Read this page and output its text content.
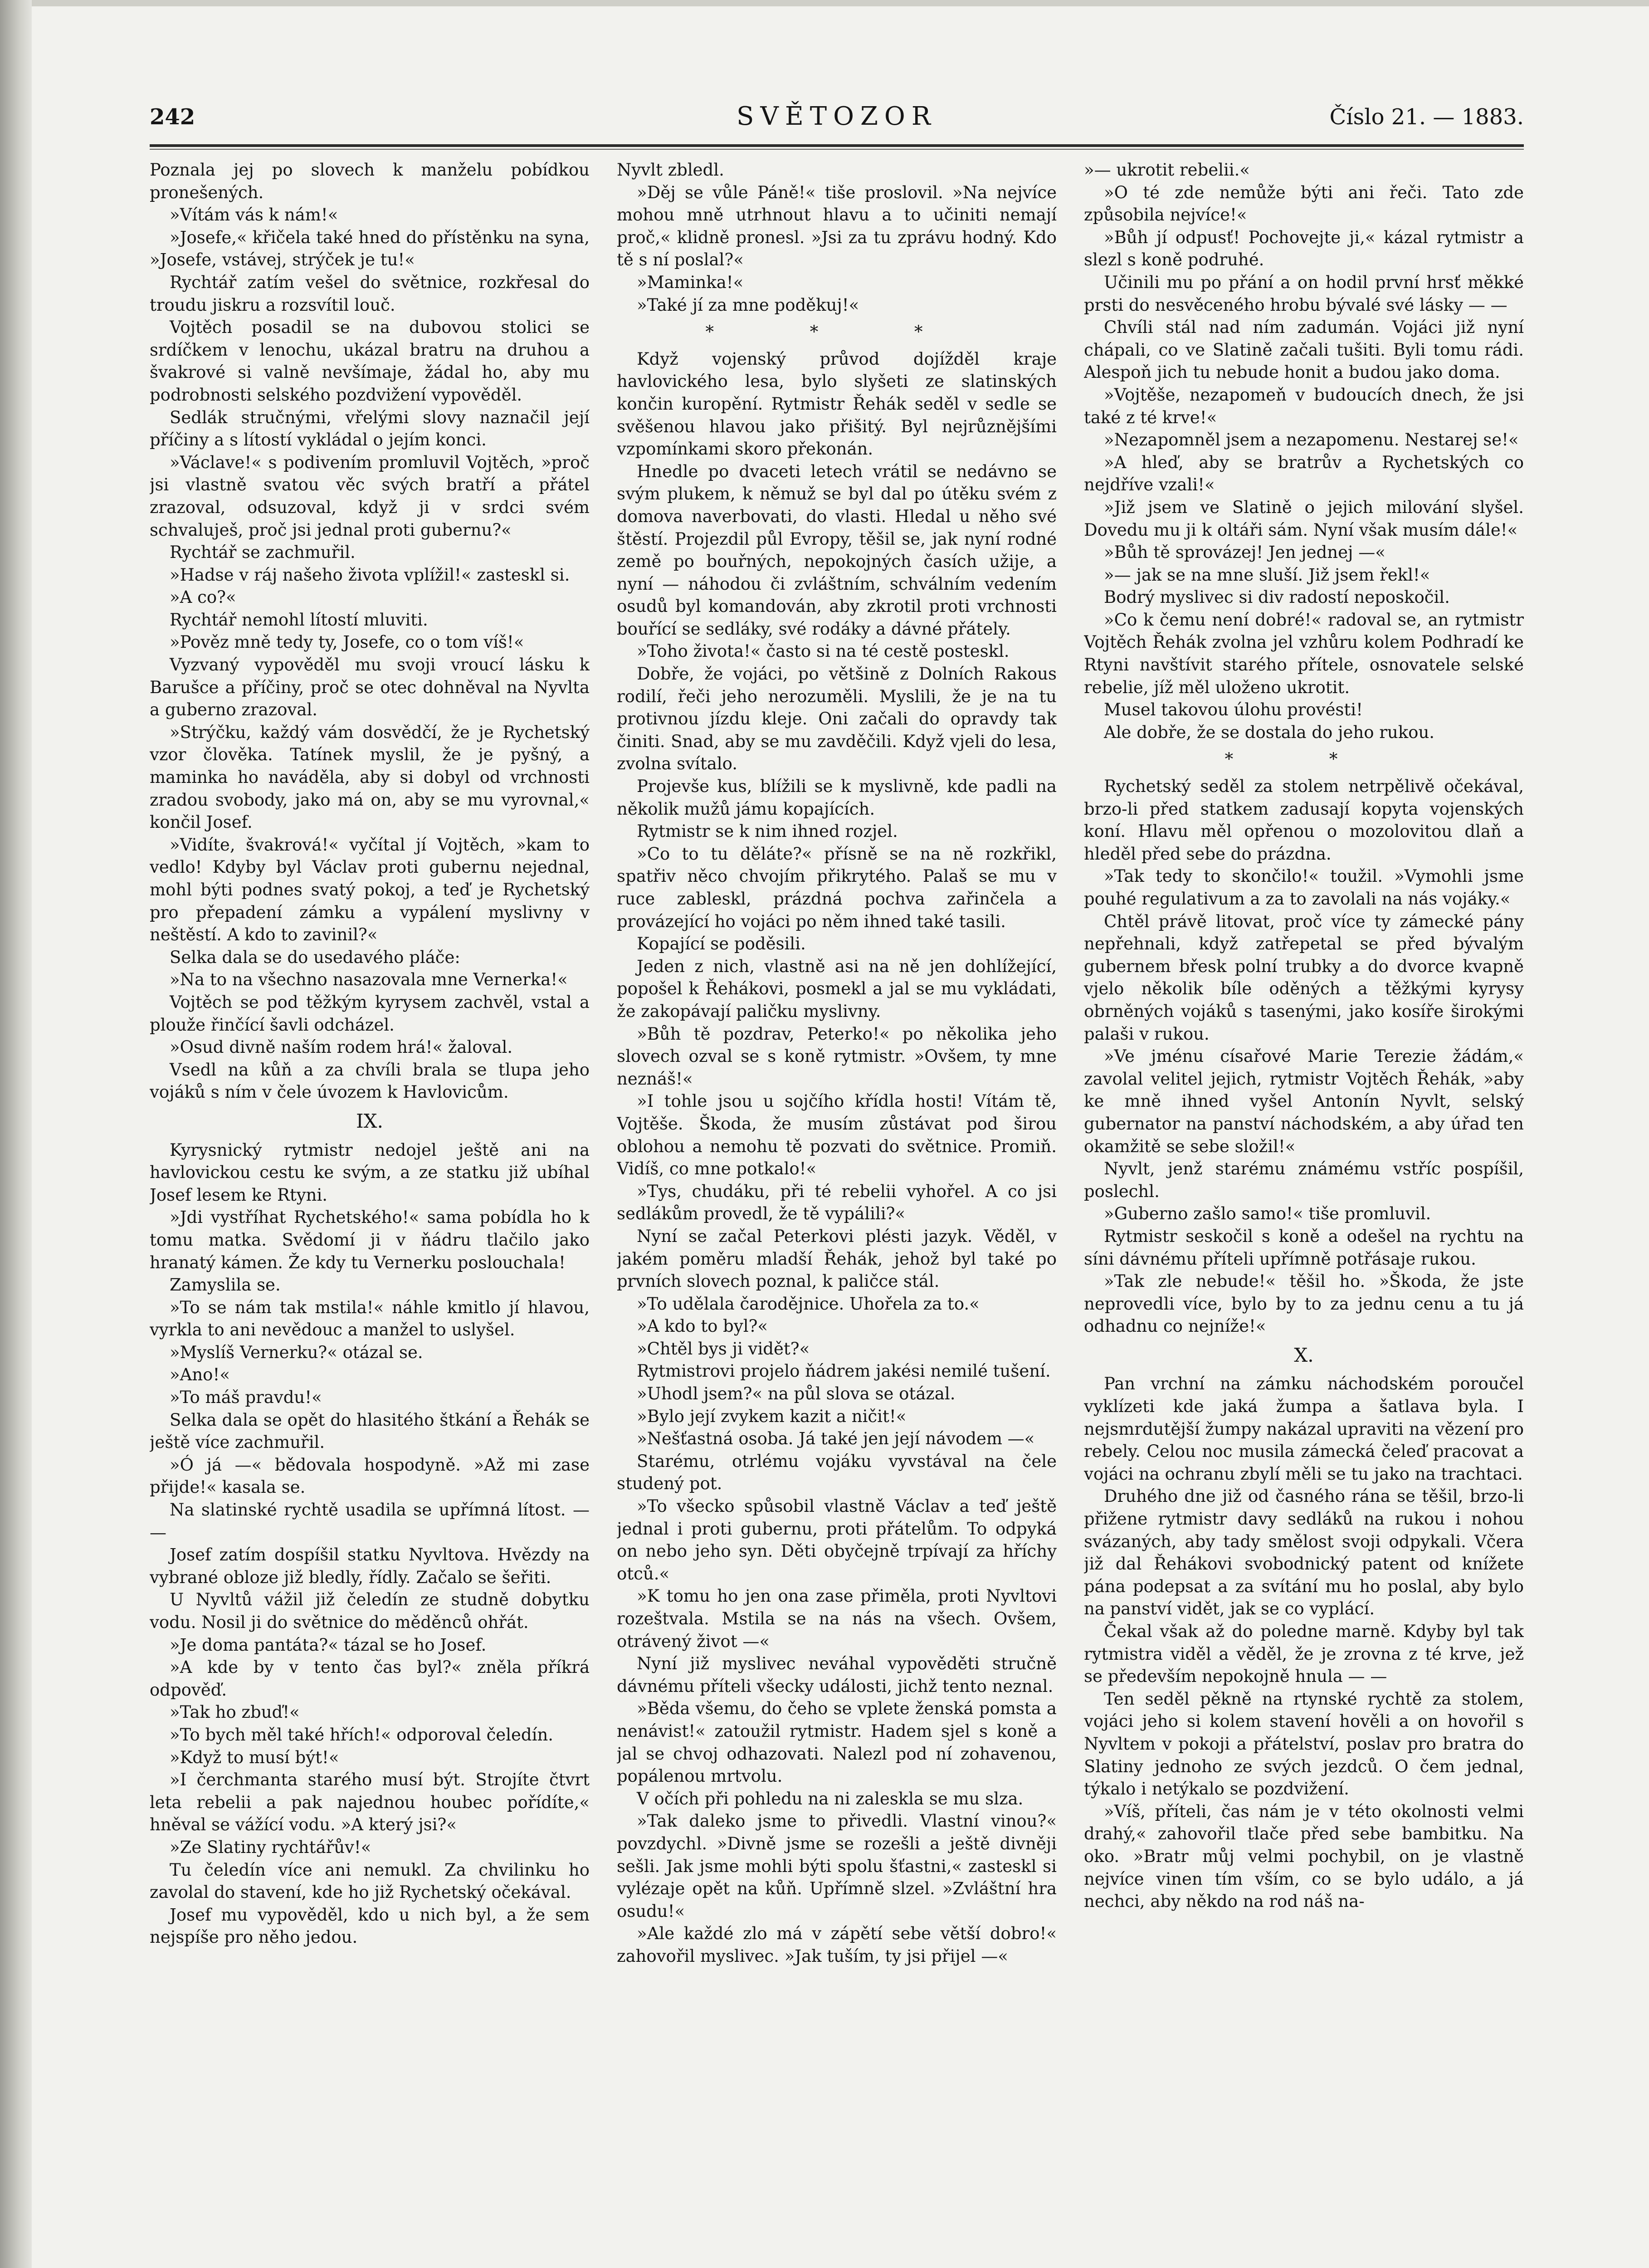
242	SVĚTOZOR	Číslo 21. — 1883.

Poznala jej po slovech k manželu pobídkou pronešených.

»Vítám vás k nám!«

»Josefe,« křičela také hned do přístěnku na syna, »Josefe, vstávej, strýček je tu!«

Rychtář zatím vešel do světnice, rozkřesal do troudu jiskru a rozsvítil louč.

Vojtěch posadil se na dubovou stolici se srdíčkem v lenochu, ukázal bratru na druhou a švakrové si valně nevšímaje, žádal ho, aby mu podrobnosti selského pozdvižení vypověděl.

Sedlák stručnými, vřelými slovy naznačil její příčiny a s lítostí vykládal o jejím konci.

»Václave!« s podivením promluvil Vojtěch, »proč jsi vlastně svatou věc svých bratří a přátel zrazoval, odsuzoval, když ji v srdci svém schvaluješ, proč jsi jednal proti gubernu?«

Rychtář se zachmuřil.

»Hadse v ráj našeho života vplížil!« zasteskl si.

»A co?«

Rychtář nemohl lítostí mluviti.

»Pověz mně tedy ty, Josefe, co o tom víš!«

Vyzvaný vypověděl mu svoji vroucí lásku k Barušce a příčiny, proč se otec dohněval na Nyvlta a guberno zrazoval.

»Strýčku, každý vám dosvědčí, že je Rychetský vzor člověka. Tatínek myslil, že je pyšný, a maminka ho naváděla, aby si dobyl od vrchnosti zradou svobody, jako má on, aby se mu vyrovnal,« končil Josef.

»Vidíte, švakrová!« vyčítal jí Vojtěch, »kam to vedlo! Kdyby byl Václav proti gubernu nejednal, mohl býti podnes svatý pokoj, a teď je Rychetský pro přepadení zámku a vypálení myslivny v neštěstí. A kdo to zavinil?«

Selka dala se do usedavého pláče:

»Na to na všechno nasazovala mne Vernerka!«

Vojtěch se pod těžkým kyrysem zachvěl, vstal a plouže řinčící šavli odcházel.

»Osud divně naším rodem hrá!« žaloval.

Vsedl na kůň a za chvíli brala se tlupa jeho vojáků s ním v čele úvozem k Havlovicům.

IX.

Kyrysnický rytmistr nedojel ještě ani na havlovickou cestu ke svým, a ze statku již ubíhal Josef lesem ke Rtyni.

»Jdi vystříhat Rychetského!« sama pobídla ho k tomu matka. Svědomí ji v ňádru tlačilo jako hranatý kámen. Že kdy tu Vernerku poslouchala!

Zamyslila se.

»To se nám tak mstila!« náhle kmitlo jí hlavou, vyrkla to ani nevědouc a manžel to uslyšel.

»Myslíš Vernerku?« otázal se.

»Ano!«

»To máš pravdu!«

Selka dala se opět do hlasitého štkání a Řehák se ještě více zachmuřil.

»Ó já —« bědovala hospodyně. »Až mi zase přijde!« kasala se.

Na slatinské rychtě usadila se upřímná lítost. — —

Josef zatím dospíšil statku Nyvltova. Hvězdy na vybrané obloze již bledly, řídly. Začalo se šeřiti.

U Nyvltů vážil již čeledín ze studně dobytku vodu. Nosil ji do světnice do měděnců ohřát.

»Je doma pantáta?« tázal se ho Josef.

»A kde by v tento čas byl?« zněla příkrá odpověď.

»Tak ho zbuď!«

»To bych měl také hřích!« odporoval čeledín.

»Když to musí být!«

»I čerchmanta starého musí být. Strojíte čtvrt leta rebelii a pak najednou houbec pořídíte,« hněval se vážící vodu. »A který jsi?«

»Ze Slatiny rychtářův!«

Tu čeledín více ani nemukl. Za chvilinku ho zavolal do stavení, kde ho již Rychetský očekával.

Josef mu vypověděl, kdo u nich byl, a že sem nejspíše pro něho jedou.

Nyvlt zbledl.

»Děj se vůle Páně!« tiše proslovil. »Na nejvíce mohou mně utrhnout hlavu a to učiniti nemají proč,« klidně pronesl. »Jsi za tu zprávu hodný. Kdo tě s ní poslal?«

»Maminka!«

»Také jí za mne poděkuj!«

* * *

Když vojenský průvod dojížděl kraje havlovického lesa, bylo slyšeti ze slatinských končin kuropění. Rytmistr Řehák seděl v sedle se svěšenou hlavou jako přišitý. Byl nejrůznějšími vzpomínkami skoro překonán.

Hnedle po dvaceti letech vrátil se nedávno se svým plukem, k němuž se byl dal po útěku svém z domova naverbovati, do vlasti. Hledal u něho své štěstí. Projezdil půl Evropy, těšil se, jak nyní rodné země po bouřných, nepokojných časích užije, a nyní — náhodou či zvláštním, schválním vedením osudů byl komandován, aby zkrotil proti vrchnosti bouřící se sedláky, své rodáky a dávné přátely.

»Toho života!« často si na té cestě posteskl.

Dobře, že vojáci, po většině z Dolních Rakous rodilí, řeči jeho nerozuměli. Myslili, že je na tu protivnou jízdu kleje. Oni začali do opravdy tak činiti. Snad, aby se mu zavděčili. Když vjeli do lesa, zvolna svítalo.

Projevše kus, blížili se k myslivně, kde padli na několik mužů jámu kopajících.

Rytmistr se k nim ihned rozjel.

»Co to tu děláte?« přísně se na ně rozkřikl, spatřiv něco chvojím přikrytého. Palaš se mu v ruce zableskl, prázdná pochva zařinčela a provázející ho vojáci po něm ihned také tasili.

Kopající se poděsili.

Jeden z nich, vlastně asi na ně jen dohlížející, popošel k Řehákovi, posmekl a jal se mu vykládati, že zakopávají paličku myslivny.

»Bůh tě pozdrav, Peterko!« po několika jeho slovech ozval se s koně rytmistr. »Ovšem, ty mne neznáš!«

»I tohle jsou u sojčího křídla hosti! Vítám tě, Vojtěše. Škoda, že musím zůstávat pod širou oblohou a nemohu tě pozvati do světnice. Promiň. Vidíš, co mne potkalo!«

»Tys, chudáku, při té rebelii vyhořel. A co jsi sedlákům provedl, že tě vypálili?«

Nyní se začal Peterkovi plésti jazyk. Věděl, v jakém poměru mladší Řehák, jehož byl také po prvních slovech poznal, k paličce stál.

»To udělala čarodějnice. Uhořela za to.«

»A kdo to byl?«

»Chtěl bys ji vidět?«

Rytmistrovi projelo ňádrem jakési nemilé tušení.

»Uhodl jsem?« na půl slova se otázal.

»Bylo její zvykem kazit a ničit!«

»Nešťastná osoba. Já také jen její návodem —«

Starému, otrlému vojáku vyvstával na čele studený pot.

»To všecko spůsobil vlastně Václav a teď ještě jednal i proti gubernu, proti přátelům. To odpyká on nebo jeho syn. Děti obyčejně trpívají za hříchy otců.«

»K tomu ho jen ona zase přiměla, proti Nyvltovi rozeštvala. Mstila se na nás na všech. Ovšem, otrávený život —«

Nyní již myslivec neváhal vypověděti stručně dávnému příteli všecky události, jichž tento neznal.

»Běda všemu, do čeho se vplete ženská pomsta a nenávist!« zatoužil rytmistr. Hadem sjel s koně a jal se chvoj odhazovati. Nalezl pod ní zohavenou, popálenou mrtvolu.

V očích při pohledu na ni zaleskla se mu slza.

»Tak daleko jsme to přivedli. Vlastní vinou?« povzdychl. »Divně jsme se rozešli a ještě divněji sešli. Jak jsme mohli býti spolu šťastni,« zasteskl si vylézaje opět na kůň. Upřímně slzel. »Zvláštní hra osudu!«

»Ale každé zlo má v zápětí sebe větší dobro!« zahovořil myslivec. »Jak tuším, ty jsi přijel —«

»— ukrotit rebelii.«

»O té zde nemůže býti ani řeči. Tato zde způsobila nejvíce!«

»Bůh jí odpusť! Pochovejte ji,« kázal rytmistr a slezl s koně podruhé.

Učinili mu po přání a on hodil první hrsť měkké prsti do nesvěceného hrobu bývalé své lásky — —

Chvíli stál nad ním zadumán. Vojáci již nyní chápali, co ve Slatině začali tušiti. Byli tomu rádi. Alespoň jich tu nebude honit a budou jako doma.

»Vojtěše, nezapomeň v budoucích dnech, že jsi také z té krve!«

»Nezapomněl jsem a nezapomenu. Nestarej se!«

»A hleď, aby se bratrův a Rychetských co nejdříve vzali!«

»Již jsem ve Slatině o jejich milování slyšel. Dovedu mu ji k oltáři sám. Nyní však musím dále!«

»Bůh tě sprovázej! Jen jednej —«

»— jak se na mne sluší. Již jsem řekl!«

Bodrý myslivec si div radostí neposkočil.

»Co k čemu není dobré!« radoval se, an rytmistr Vojtěch Řehák zvolna jel vzhůru kolem Podhradí ke Rtyni navštívit starého přítele, osnovatele selské rebelie, jíž měl uloženo ukrotit.

Musel takovou úlohu provésti!

Ale dobře, že se dostala do jeho rukou.

* *

Rychetský seděl za stolem netrpělivě očekával, brzo-li před statkem zadusají kopyta vojenských koní. Hlavu měl opřenou o mozolovitou dlaň a hleděl před sebe do prázdna.

»Tak tedy to skončilo!« toužil. »Vymohli jsme pouhé regulativum a za to zavolali na nás vojáky.«

Chtěl právě litovat, proč více ty zámecké pány nepřehnali, když zatřepetal se před bývalým gubernem břesk polní trubky a do dvorce kvapně vjelo několik bíle oděných a těžkými kyrysy obrněných vojáků s tasenými, jako kosíře širokými palaši v rukou.

»Ve jménu císařové Marie Terezie žádám,« zavolal velitel jejich, rytmistr Vojtěch Řehák, »aby ke mně ihned vyšel Antonín Nyvlt, selský gubernator na panství náchodském, a aby úřad ten okamžitě se sebe složil!«

Nyvlt, jenž starému známému vstříc pospíšil, poslechl.

»Guberno zašlo samo!« tiše promluvil.

Rytmistr seskočil s koně a odešel na rychtu na síni dávnému příteli upřímně potřásaje rukou.

»Tak zle nebude!« těšil ho. »Škoda, že jste neprovedli více, bylo by to za jednu cenu a tu já odhadnu co nejníže!«

X.

Pan vrchní na zámku náchodském poroučel vyklízeti kde jaká žumpa a šatlava byla. I nejsmrdutější žumpy nakázal upraviti na vězení pro rebely. Celou noc musila zámecká čeleď pracovat a vojáci na ochranu zbylí měli se tu jako na trachtaci.

Druhého dne již od časného rána se těšil, brzo-li přižene rytmistr davy sedláků na rukou i nohou svázaných, aby tady smělost svoji odpykali. Včera již dal Řehákovi svobodnický patent od knížete pána podepsat a za svítání mu ho poslal, aby bylo na panství vidět, jak se co vyplácí.

Čekal však až do poledne marně. Kdyby byl tak rytmistra viděl a věděl, že je zrovna z té krve, jež se především nepokojně hnula — —

Ten seděl pěkně na rtynské rychtě za stolem, vojáci jeho si kolem stavení hověli a on hovořil s Nyvltem v pokoji a přátelství, poslav pro bratra do Slatiny jednoho ze svých jezdců. O čem jednal, týkalo i netýkalo se pozdvižení.

»Víš, příteli, čas nám je v této okolnosti velmi drahý,« zahovořil tlače před sebe bambitku. Na oko. »Bratr můj velmi pochybil, on je vlastně nejvíce vinen tím vším, co se bylo událo, a já nechci, aby někdo na rod náš na-
